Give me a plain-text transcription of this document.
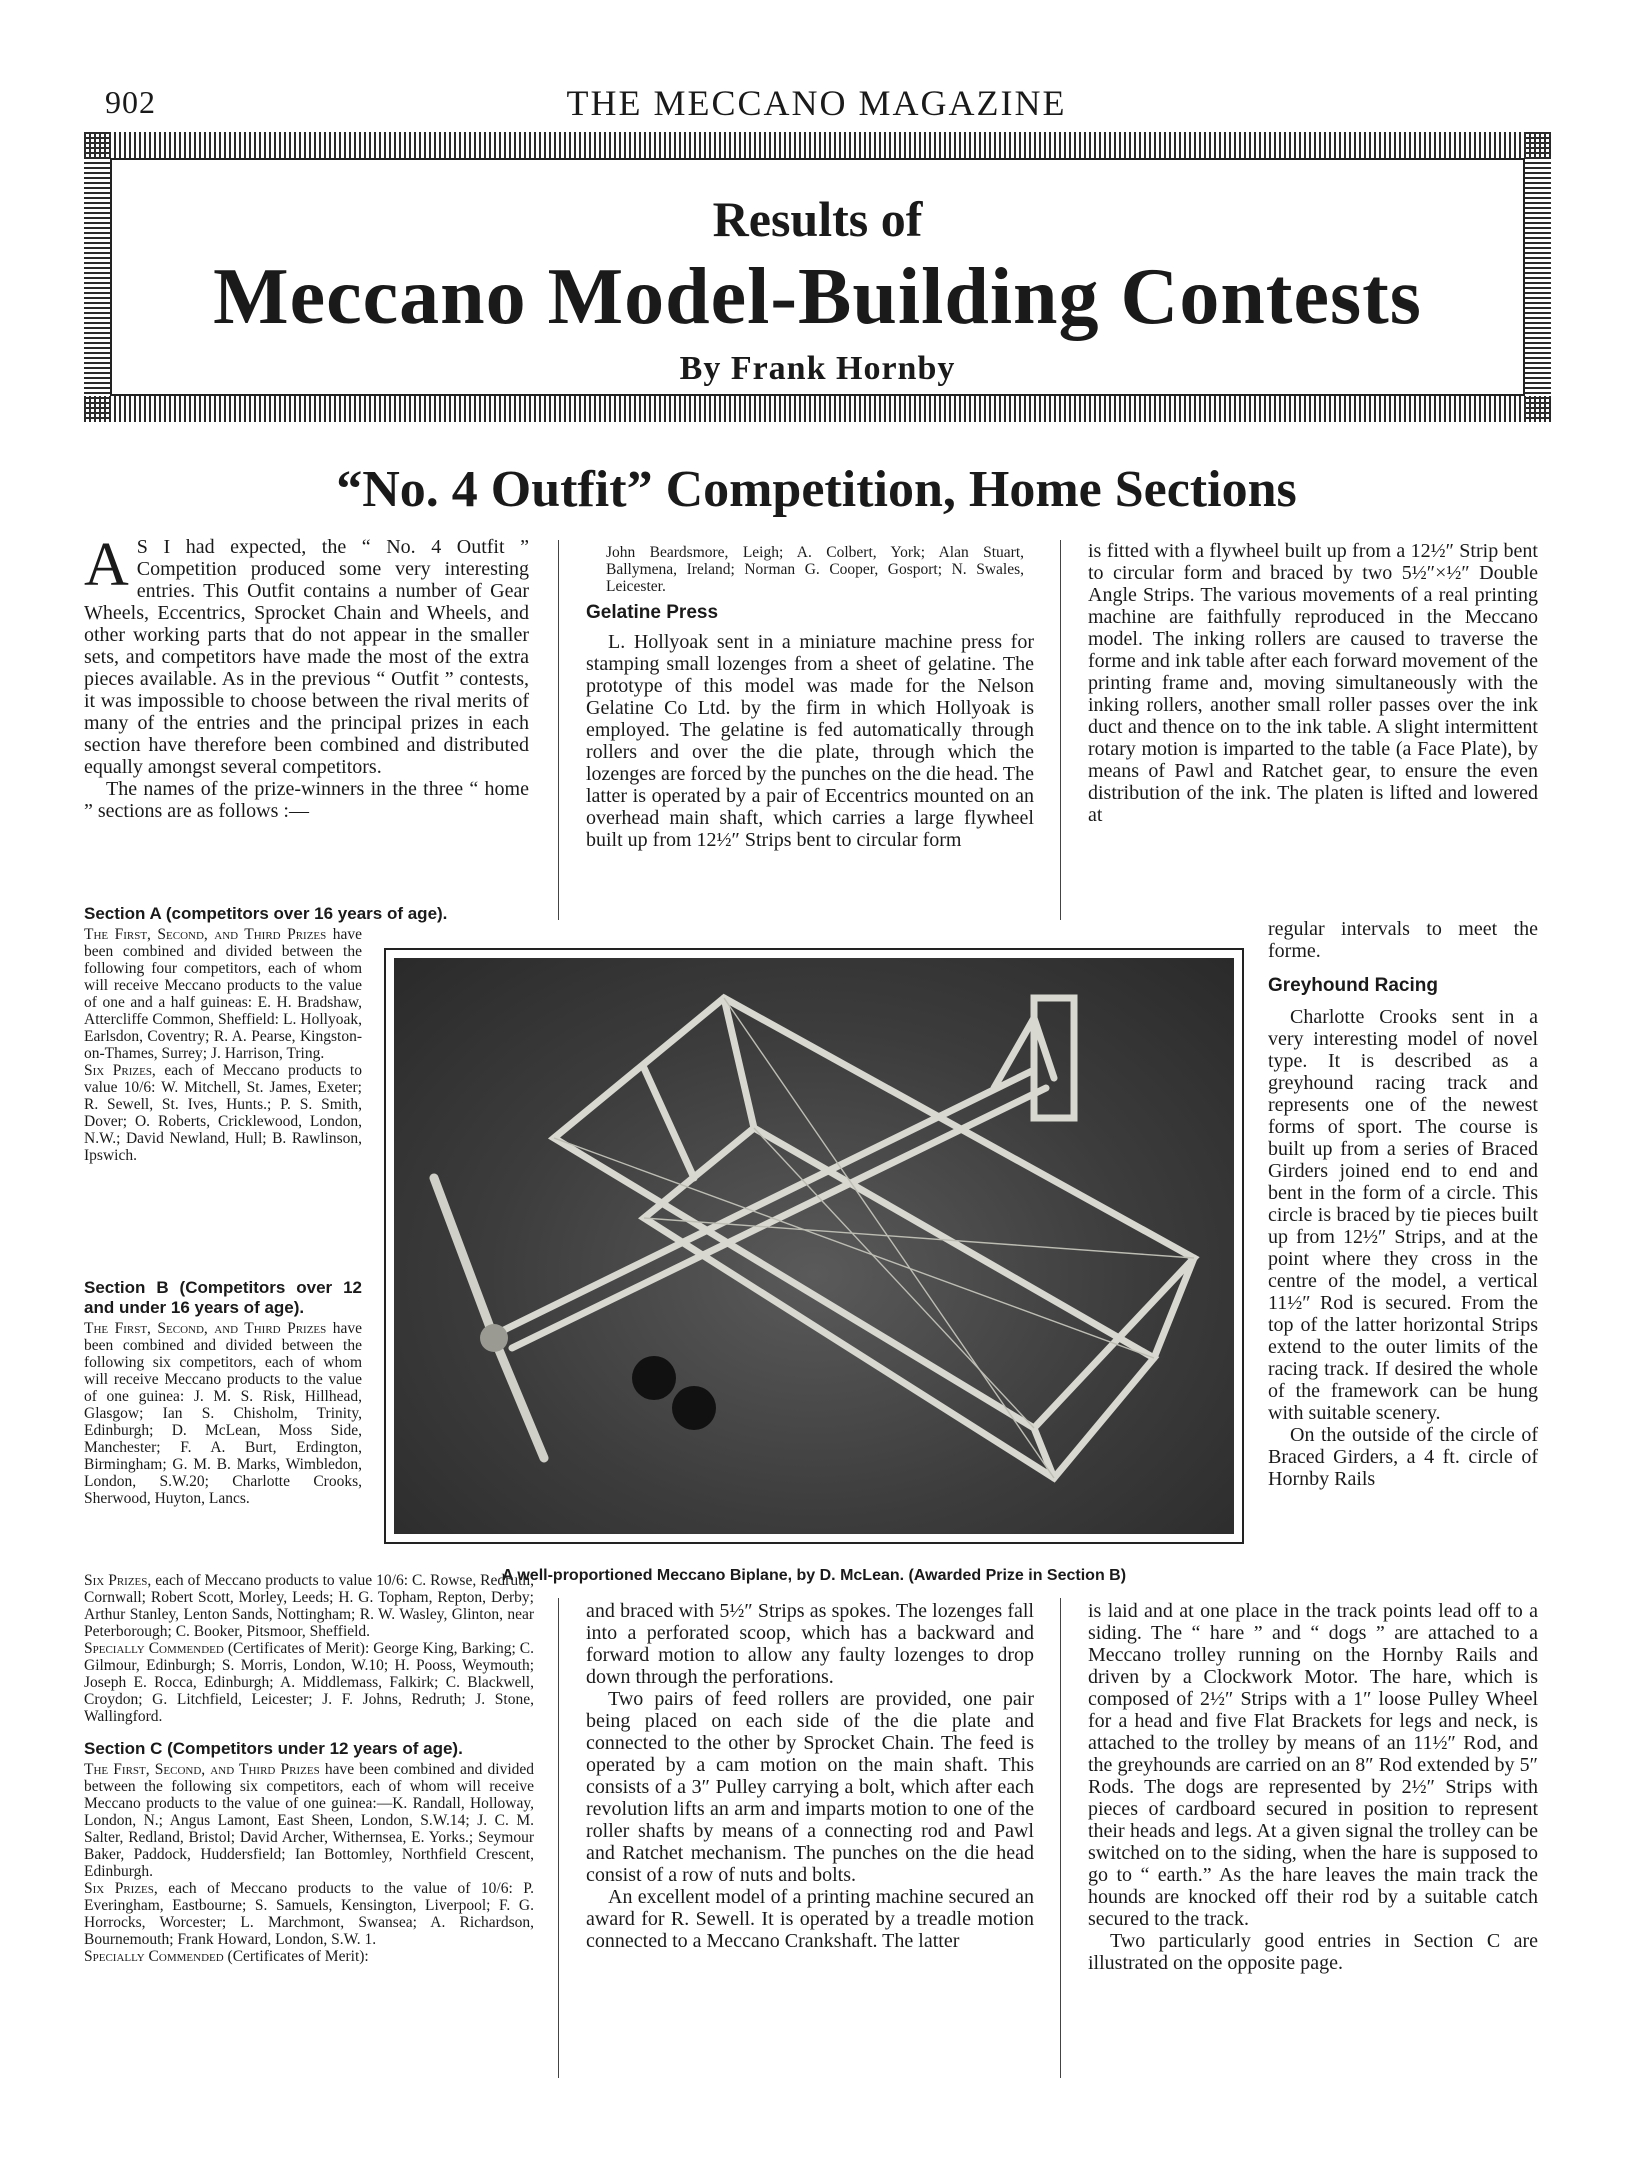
902	THE MECCANO MAGAZINE
Results of
Meccano Model-Building Contests
By Frank Hornby
“No. 4 Outfit” Competition, Home Sections

A S I had expected, the “ No. 4 Outfit ” Competition produced some very interesting entries. This Outfit contains a number of Gear Wheels, Eccentrics, Sprocket Chain and Wheels, and other working parts that do not appear in the smaller sets, and competitors have made the most of the extra pieces available. As in the previous “ Outfit ” contests, it was impossible to choose between the rival merits of many of the entries and the principal prizes in each section have therefore been combined and distributed equally amongst several competitors.

The names of the prize-winners in the three “ home ” sections are as follows :—

Section A (competitors over 16 years of age).

The First, Second, and Third Prizes have been combined and divided between the following four competitors, each of whom will receive Meccano products to the value of one and a half guineas: E. H. Bradshaw, Attercliffe Common, Sheffield: L. Hollyoak, Earlsdon, Coventry; R. A. Pearse, Kingston-on-Thames, Surrey; J. Harrison, Tring.

Six Prizes, each of Meccano products to value 10/6: W. Mitchell, St. James, Exeter; R. Sewell, St. Ives, Hunts.; P. S. Smith, Dover; O. Roberts, Cricklewood, London, N.W.; David Newland, Hull; B. Rawlinson, Ipswich.

Section B (Competitors over 12 and under 16 years of age).

The First, Second, and Third Prizes have been combined and divided between the following six competitors, each of whom will receive Meccano products to the value of one guinea: J. M. S. Risk, Hillhead, Glasgow; Ian S. Chisholm, Trinity, Edinburgh; D. McLean, Moss Side, Manchester; F. A. Burt, Erdington, Birmingham; G. M. B. Marks, Wimbledon, London, S.W.20; Charlotte Crooks, Sherwood, Huyton, Lancs.

Six Prizes, each of Meccano products to value 10/6: C. Rowse, Redruth, Cornwall; Robert Scott, Morley, Leeds; H. G. Topham, Repton, Derby; Arthur Stanley, Lenton Sands, Nottingham; R. W. Wasley, Glinton, near Peterborough; C. Booker, Pitsmoor, Sheffield.

Specially Commended (Certificates of Merit): George King, Barking; C. Gilmour, Edinburgh; S. Morris, London, W.10; H. Pooss, Weymouth; Joseph E. Rocca, Edinburgh; A. Middlemass, Falkirk; C. Blackwell, Croydon; G. Litchfield, Leicester; J. F. Johns, Redruth; J. Stone, Wallingford.

Section C (Competitors under 12 years of age).

The First, Second, and Third Prizes have been combined and divided between the following six competitors, each of whom will receive Meccano products to the value of one guinea:—K. Randall, Holloway, London, N.; Angus Lamont, East Sheen, London, S.W.14; J. C. M. Salter, Redland, Bristol; David Archer, Withernsea, E. Yorks.; Seymour Baker, Paddock, Huddersfield; Ian Bottomley, Northfield Crescent, Edinburgh.

Six Prizes, each of Meccano products to the value of 10/6: P. Everingham, Eastbourne; S. Samuels, Kensington, Liverpool; F. G. Horrocks, Worcester; L. Marchmont, Swansea; A. Richardson, Bournemouth; Frank Howard, London, S.W. 1.

Specially Commended (Certificates of Merit):

John Beardsmore, Leigh; A. Colbert, York; Alan Stuart, Ballymena, Ireland; Norman G. Cooper, Gosport; N. Swales, Leicester.

Gelatine Press

L. Hollyoak sent in a miniature machine press for stamping small lozenges from a sheet of gelatine. The prototype of this model was made for the Nelson Gelatine Co Ltd. by the firm in which Hollyoak is employed. The gelatine is fed automatically through rollers and over the die plate, through which the lozenges are forced by the punches on the die head. The latter is operated by a pair of Eccentrics mounted on an overhead main shaft, which carries a large flywheel built up from 12½″ Strips bent to circular form

is fitted with a flywheel built up from a 12½″ Strip bent to circular form and braced by two 5½″×½″ Double Angle Strips. The various movements of a real printing machine are faithfully reproduced in the Meccano model. The inking rollers are caused to traverse the forme and ink table after each forward movement of the printing frame and, moving simultaneously with the inking rollers, another small roller passes over the ink duct and thence on to the ink table. A slight intermittent rotary motion is imparted to the table (a Face Plate), by means of Pawl and Ratchet gear, to ensure the even distribution of the ink. The platen is lifted and lowered at

regular intervals to meet the forme.

Greyhound Racing

Charlotte Crooks sent in a very interesting model of novel type. It is described as a greyhound racing track and represents one of the newest forms of sport. The course is built up from a series of Braced Girders joined end to end and bent in the form of a circle. This circle is braced by tie pieces built up from 12½″ Strips, and at the point where they cross in the centre of the model, a vertical 11½″ Rod is secured. From the top of the latter horizontal Strips extend to the outer limits of the racing track. If desired the whole of the framework can be hung with suitable scenery.

On the outside of the circle of Braced Girders, a 4 ft. circle of Hornby Rails

A well-proportioned Meccano Biplane, by D. McLean. (Awarded Prize in Section B)

and braced with 5½″ Strips as spokes. The lozenges fall into a perforated scoop, which has a backward and forward motion to allow any faulty lozenges to drop down through the perforations.

Two pairs of feed rollers are provided, one pair being placed on each side of the die plate and connected to the other by Sprocket Chain. The feed is operated by a cam motion on the main shaft. This consists of a 3″ Pulley carrying a bolt, which after each revolution lifts an arm and imparts motion to one of the roller shafts by means of a connecting rod and Pawl and Ratchet mechanism. The punches on the die head consist of a row of nuts and bolts.

An excellent model of a printing machine secured an award for R. Sewell. It is operated by a treadle motion connected to a Meccano Crankshaft. The latter

is laid and at one place in the track points lead off to a siding. The “ hare ” and “ dogs ” are attached to a Meccano trolley running on the Hornby Rails and driven by a Clockwork Motor. The hare, which is composed of 2½″ Strips with a 1″ loose Pulley Wheel for a head and five Flat Brackets for legs and neck, is attached to the trolley by means of an 11½″ Rod, and the greyhounds are carried on an 8″ Rod extended by 5″ Rods. The dogs are represented by 2½″ Strips with pieces of cardboard secured in position to represent their heads and legs. At a given signal the trolley can be switched on to the siding, when the hare is supposed to go to “ earth.” As the hare leaves the main track the hounds are knocked off their rod by a suitable catch secured to the track.

Two particularly good entries in Section C are illustrated on the opposite page.
